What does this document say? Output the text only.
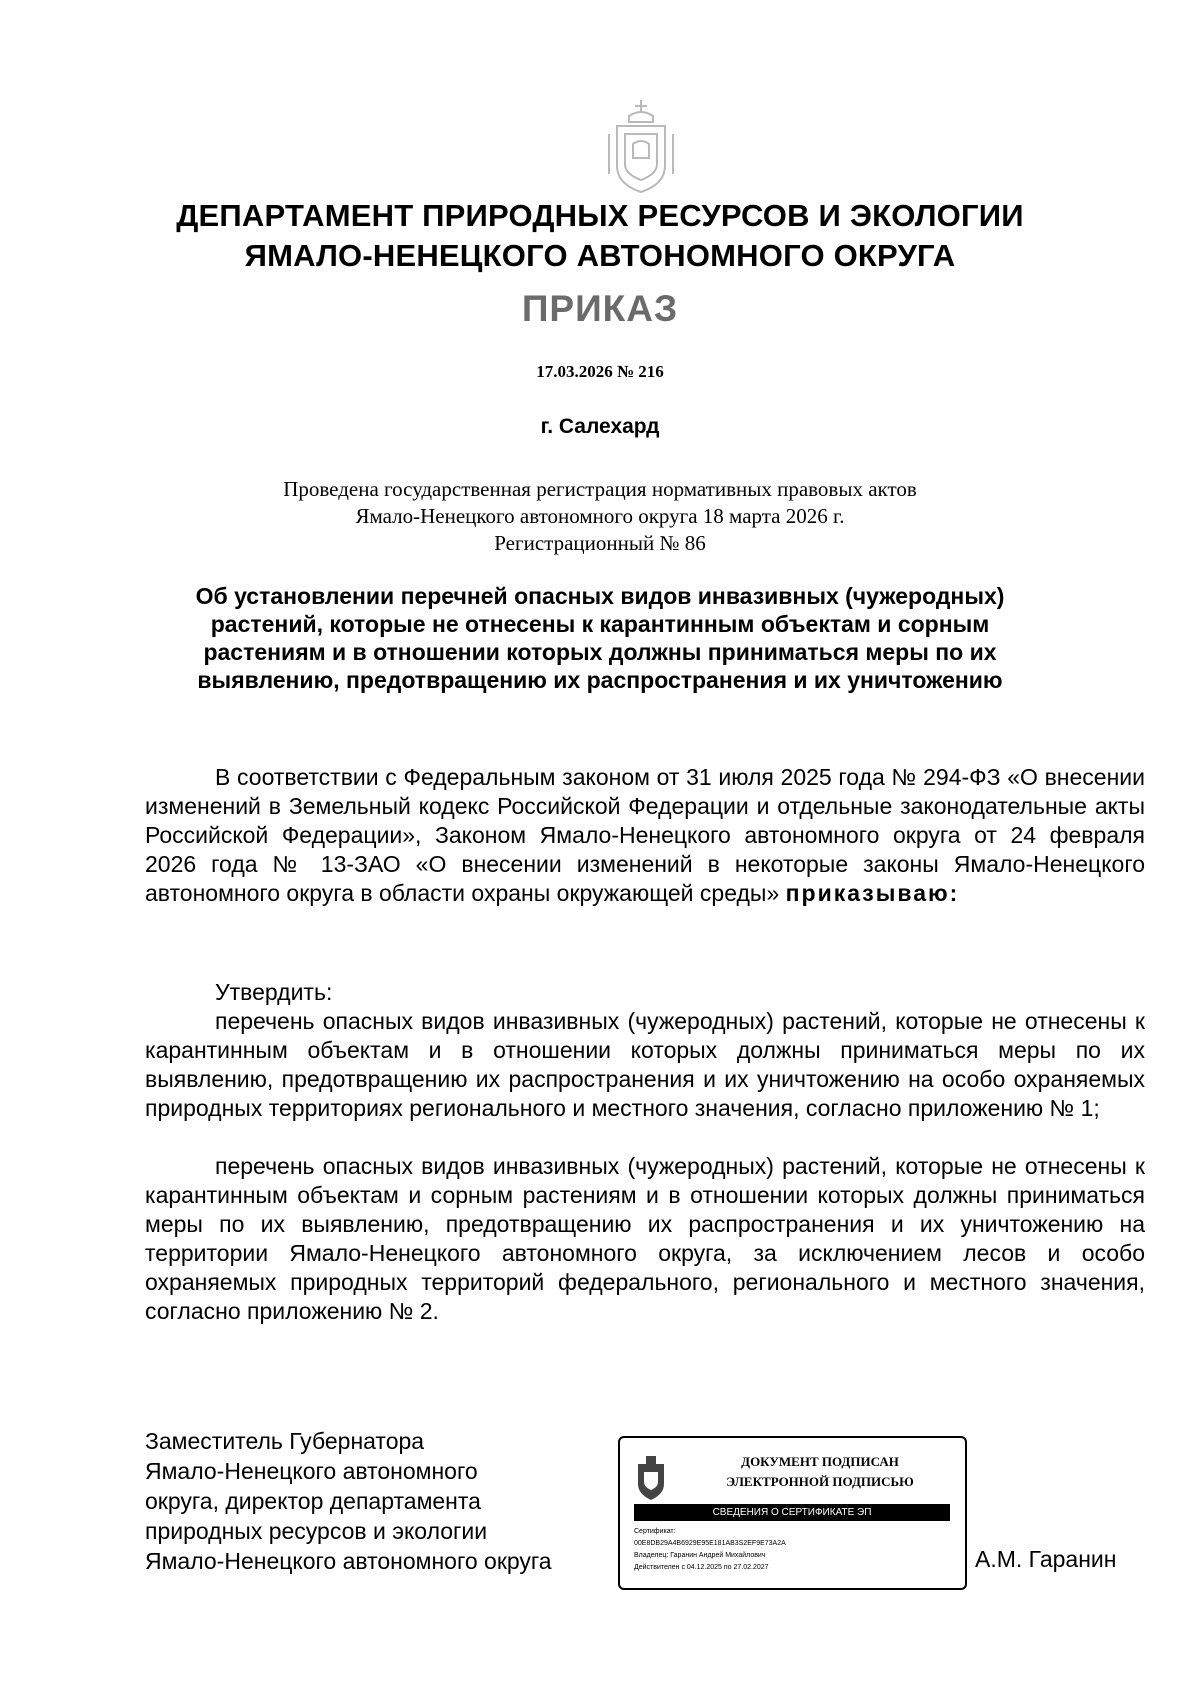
ДЕПАРТАМЕНТ ПРИРОДНЫХ РЕСУРСОВ И ЭКОЛОГИИ
ЯМАЛО-НЕНЕЦКОГО АВТОНОМНОГО ОКРУГА
ПРИКАЗ
17.03.2026 № 216
г. Салехард
Проведена государственная регистрация нормативных правовых актов
Ямало-Ненецкого автономного округа 18 марта 2026 г.
Регистрационный № 86
Об установлении перечней опасных видов инвазивных (чужеродных)
растений, которые не отнесены к карантинным объектам и сорным
растениям и в отношении которых должны приниматься меры по их
выявлению, предотвращению их распространения и их уничтожению
В соответствии с Федеральным законом от 31 июля 2025 года № 294-ФЗ «О внесении изменений в Земельный кодекс Российской Федерации и отдельные законодательные акты Российской Федерации», Законом Ямало-Ненецкого автономного округа от 24 февраля 2026 года № 13-ЗАО «О внесении изменений в некоторые законы Ямало-Ненецкого автономного округа в области охраны окружающей среды» приказываю:
Утвердить:
перечень опасных видов инвазивных (чужеродных) растений, которые не отнесены к карантинным объектам и в отношении которых должны приниматься меры по их выявлению, предотвращению их распространения и их уничтожению на особо охраняемых природных территориях регионального и местного значения, согласно приложению № 1;
перечень опасных видов инвазивных (чужеродных) растений, которые не отнесены к карантинным объектам и сорным растениям и в отношении которых должны приниматься меры по их выявлению, предотвращению их распространения и их уничтожению на территории Ямало-Ненецкого автономного округа, за исключением лесов и особо охраняемых природных территорий федерального, регионального и местного значения, согласно приложению № 2.
Заместитель Губернатора
Ямало-Ненецкого автономного
округа, директор департамента
природных ресурсов и экологии
Ямало-Ненецкого автономного округа
ДОКУМЕНТ ПОДПИСАН
ЭЛЕКТРОННОЙ ПОДПИСЬЮ
СВЕДЕНИЯ О СЕРТИФИКАТЕ ЭП
Сертификат:
00E8DB29A4B6929E95E181AB3S2EF9E73A2A
Владелец: Гаранин Андрей Михайлович
Действителен с 04.12.2025 по 27.02.2027	А.М. Гаранин
